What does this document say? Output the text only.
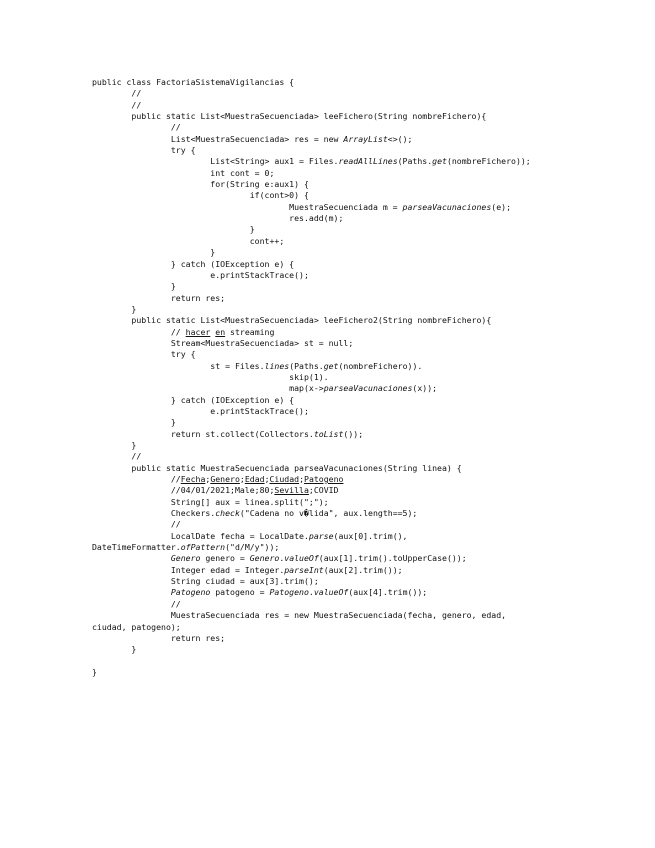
public class FactoriaSistemaVigilancias {
//
//
public static List<MuestraSecuenciada> leeFichero(String nombreFichero){
//
List<MuestraSecuenciada> res = new ArrayList<>();
try {
List<String> aux1 = Files.readAllLines(Paths.get(nombreFichero));
int cont = 0;
for(String e:aux1) {
if(cont>0) {
MuestraSecuenciada m = parseaVacunaciones(e);
res.add(m);
}
cont++;
}
} catch (IOException e) {
e.printStackTrace();
}
return res;
}
public static List<MuestraSecuenciada> leeFichero2(String nombreFichero){
// hacer en streaming
Stream<MuestraSecuenciada> st = null;
try {
st = Files.lines(Paths.get(nombreFichero)).
skip(1).
map(x->parseaVacunaciones(x));
} catch (IOException e) {
e.printStackTrace();
}
return st.collect(Collectors.toList());
}
//
public static MuestraSecuenciada parseaVacunaciones(String linea) {
//Fecha;Genero;Edad;Ciudad;Patogeno
//04/01/2021;Male;80;Sevilla;COVID
String[] aux = linea.split(";");
Checkers.check("Cadena no v�lida", aux.length==5);
//
LocalDate fecha = LocalDate.parse(aux[0].trim(),
DateTimeFormatter.ofPattern("d/M/y"));
Genero genero = Genero.valueOf(aux[1].trim().toUpperCase());
Integer edad = Integer.parseInt(aux[2].trim());
String ciudad = aux[3].trim();
Patogeno patogeno = Patogeno.valueOf(aux[4].trim());
//
MuestraSecuenciada res = new MuestraSecuenciada(fecha, genero, edad,
ciudad, patogeno);
return res;
}
}
